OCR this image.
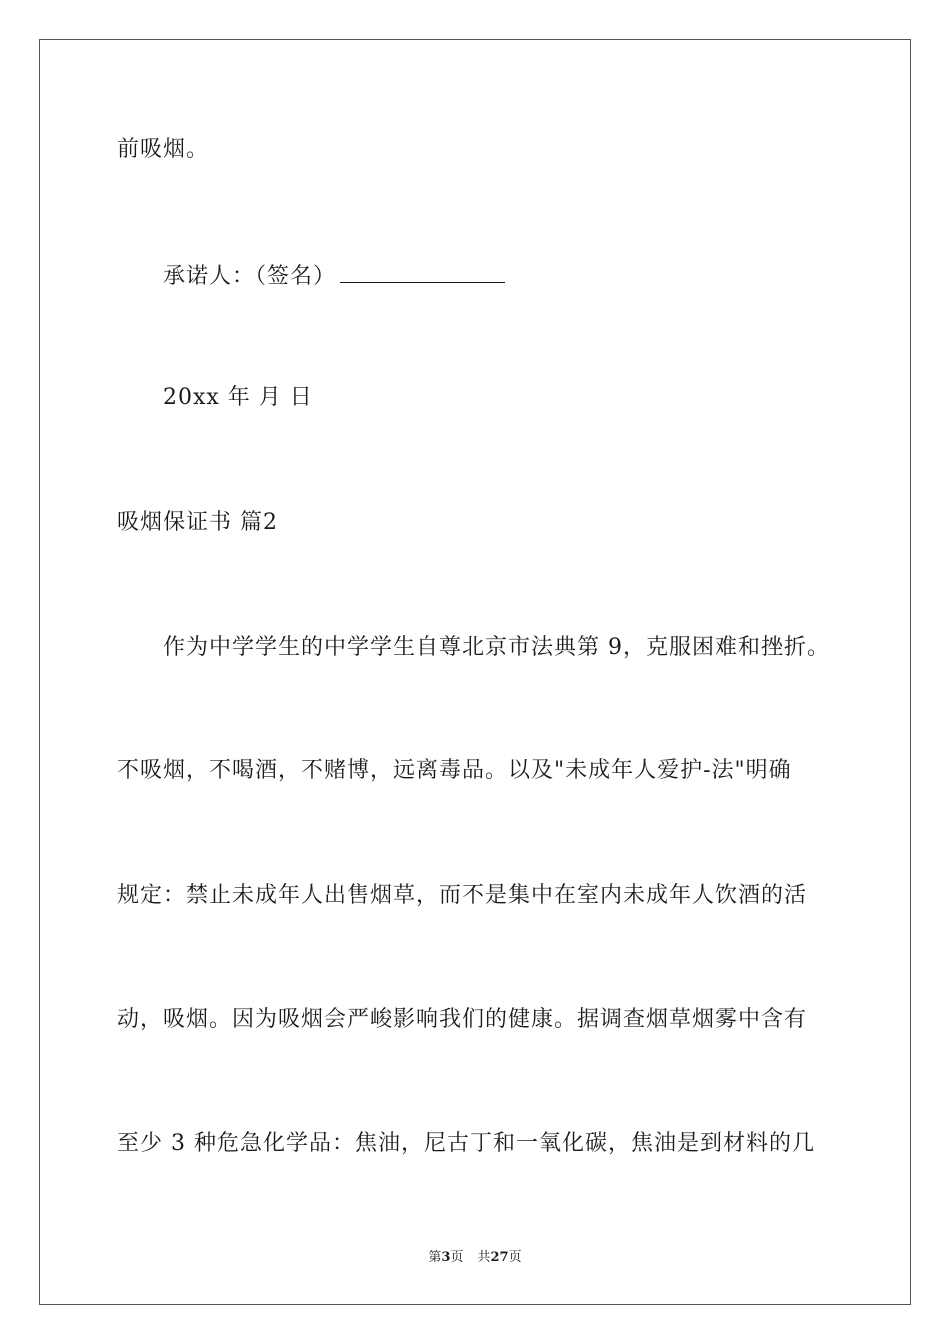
前吸烟。
承诺人：（签名）
20xx 年 月 日
吸烟保证书 篇2
作为中学学生的中学学生自尊北京市法典第 9，克服困难和挫折。
不吸烟，不喝酒，不赌博，远离毒品。以及"未成年人爱护-法"明确
规定：禁止未成年人出售烟草，而不是集中在室内未成年人饮酒的活
动，吸烟。因为吸烟会严峻影响我们的健康。据调查烟草烟雾中含有
至少 3 种危急化学品：焦油，尼古丁和一氧化碳，焦油是到材料的几
第3页 共27页
